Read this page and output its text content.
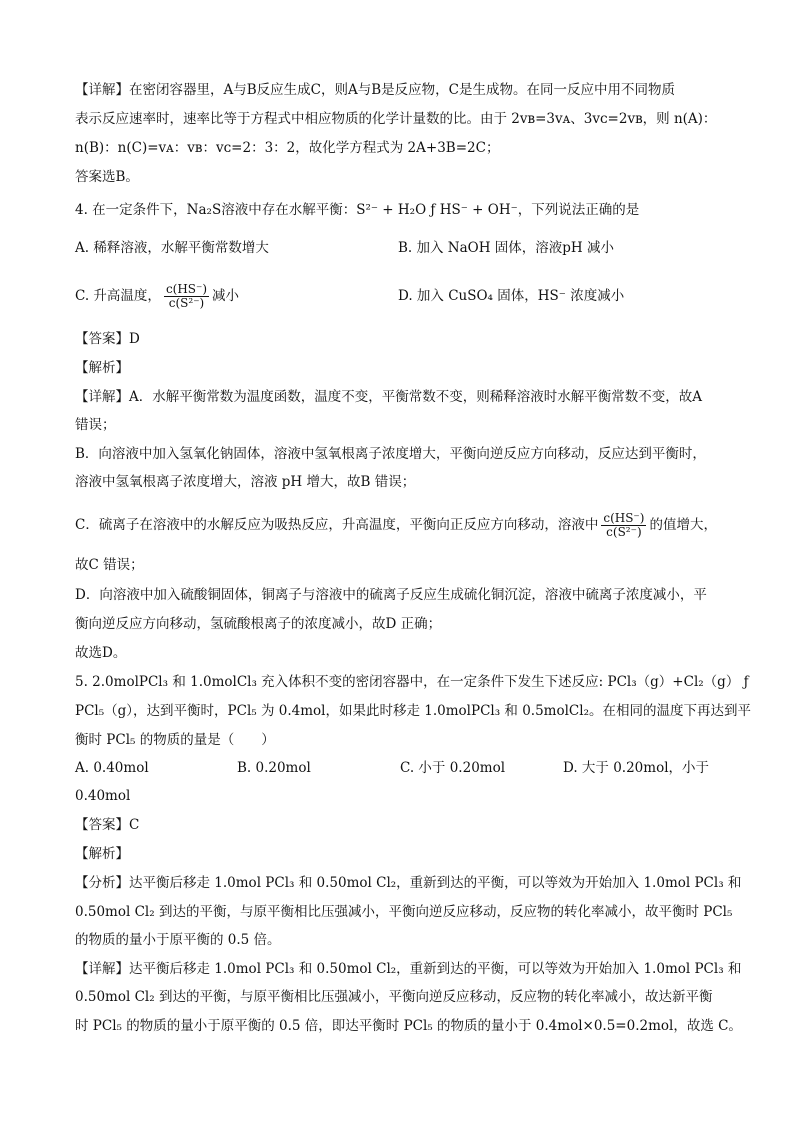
【详解】在密闭容器里，A与B反应生成C，则A与B是反应物，C是生成物。在同一反应中用不同物质
表示反应速率时，速率比等于方程式中相应物质的化学计量数的比。由于 2vʙ=3vᴀ、3vᴄ=2vʙ，则 n(A)：
n(B)：n(C)=vᴀ：vʙ：vᴄ=2：3：2，故化学方程式为 2A+3B=2C；
答案选B。
4. 在一定条件下，Na₂S溶液中存在水解平衡：S²⁻ + H₂O ƒ HS⁻ + OH⁻，下列说法正确的是
A. 稀释溶液，水解平衡常数增大	B. 加入 NaOH 固体，溶液pH 减小
C. 升高温度， $\frac{c(HS^-)}{\text{c(S²⁻)}}$ 减小	D. 加入 CuSO₄ 固体，HS⁻ 浓度减小
【答案】D
【解析】
【详解】A．水解平衡常数为温度函数，温度不变，平衡常数不变，则稀释溶液时水解平衡常数不变，故A
错误；
B．向溶液中加入氢氧化钠固体，溶液中氢氧根离子浓度增大，平衡向逆反应方向移动，反应达到平衡时，
溶液中氢氧根离子浓度增大，溶液 pH 增大，故B 错误；
C．硫离子在溶液中的水解反应为吸热反应，升高温度，平衡向正反应方向移动，溶液中 $\frac{c(HS^-)}{\text{c(S²⁻)}}$ 的值增大，
故C 错误；
D．向溶液中加入硫酸铜固体，铜离子与溶液中的硫离子反应生成硫化铜沉淀，溶液中硫离子浓度减小，平
衡向逆反应方向移动，氢硫酸根离子的浓度减小，故D 正确；
故选D。
5. 2.0molPCl₃ 和 1.0molCl₃ 充入体积不变的密闭容器中，在一定条件下发生下述反应: PCl₃（g）+Cl₂（g） ƒ
PCl₅（g），达到平衡时，PCl₅ 为 0.4mol，如果此时移走 1.0molPCl₃ 和 0.5molCl₂。在相同的温度下再达到平
衡时 PCl₅ 的物质的量是（　　）
A. 0.40mol	B. 0.20mol	C. 小于 0.20mol	D. 大于 0.20mol，小于
0.40mol
【答案】C
【解析】
【分析】达平衡后移走 1.0mol PCl₃ 和 0.50mol Cl₂，重新到达的平衡，可以等效为开始加入 1.0mol PCl₃ 和
0.50mol Cl₂ 到达的平衡，与原平衡相比压强减小，平衡向逆反应移动，反应物的转化率减小，故平衡时 PCl₅
的物质的量小于原平衡的 0.5 倍。
【详解】达平衡后移走 1.0mol PCl₃ 和 0.50mol Cl₂，重新到达的平衡，可以等效为开始加入 1.0mol PCl₃ 和
0.50mol Cl₂ 到达的平衡，与原平衡相比压强减小，平衡向逆反应移动，反应物的转化率减小，故达新平衡
时 PCl₅ 的物质的量小于原平衡的 0.5 倍，即达平衡时 PCl₅ 的物质的量小于 0.4mol×0.5=0.2mol，故选 C。
